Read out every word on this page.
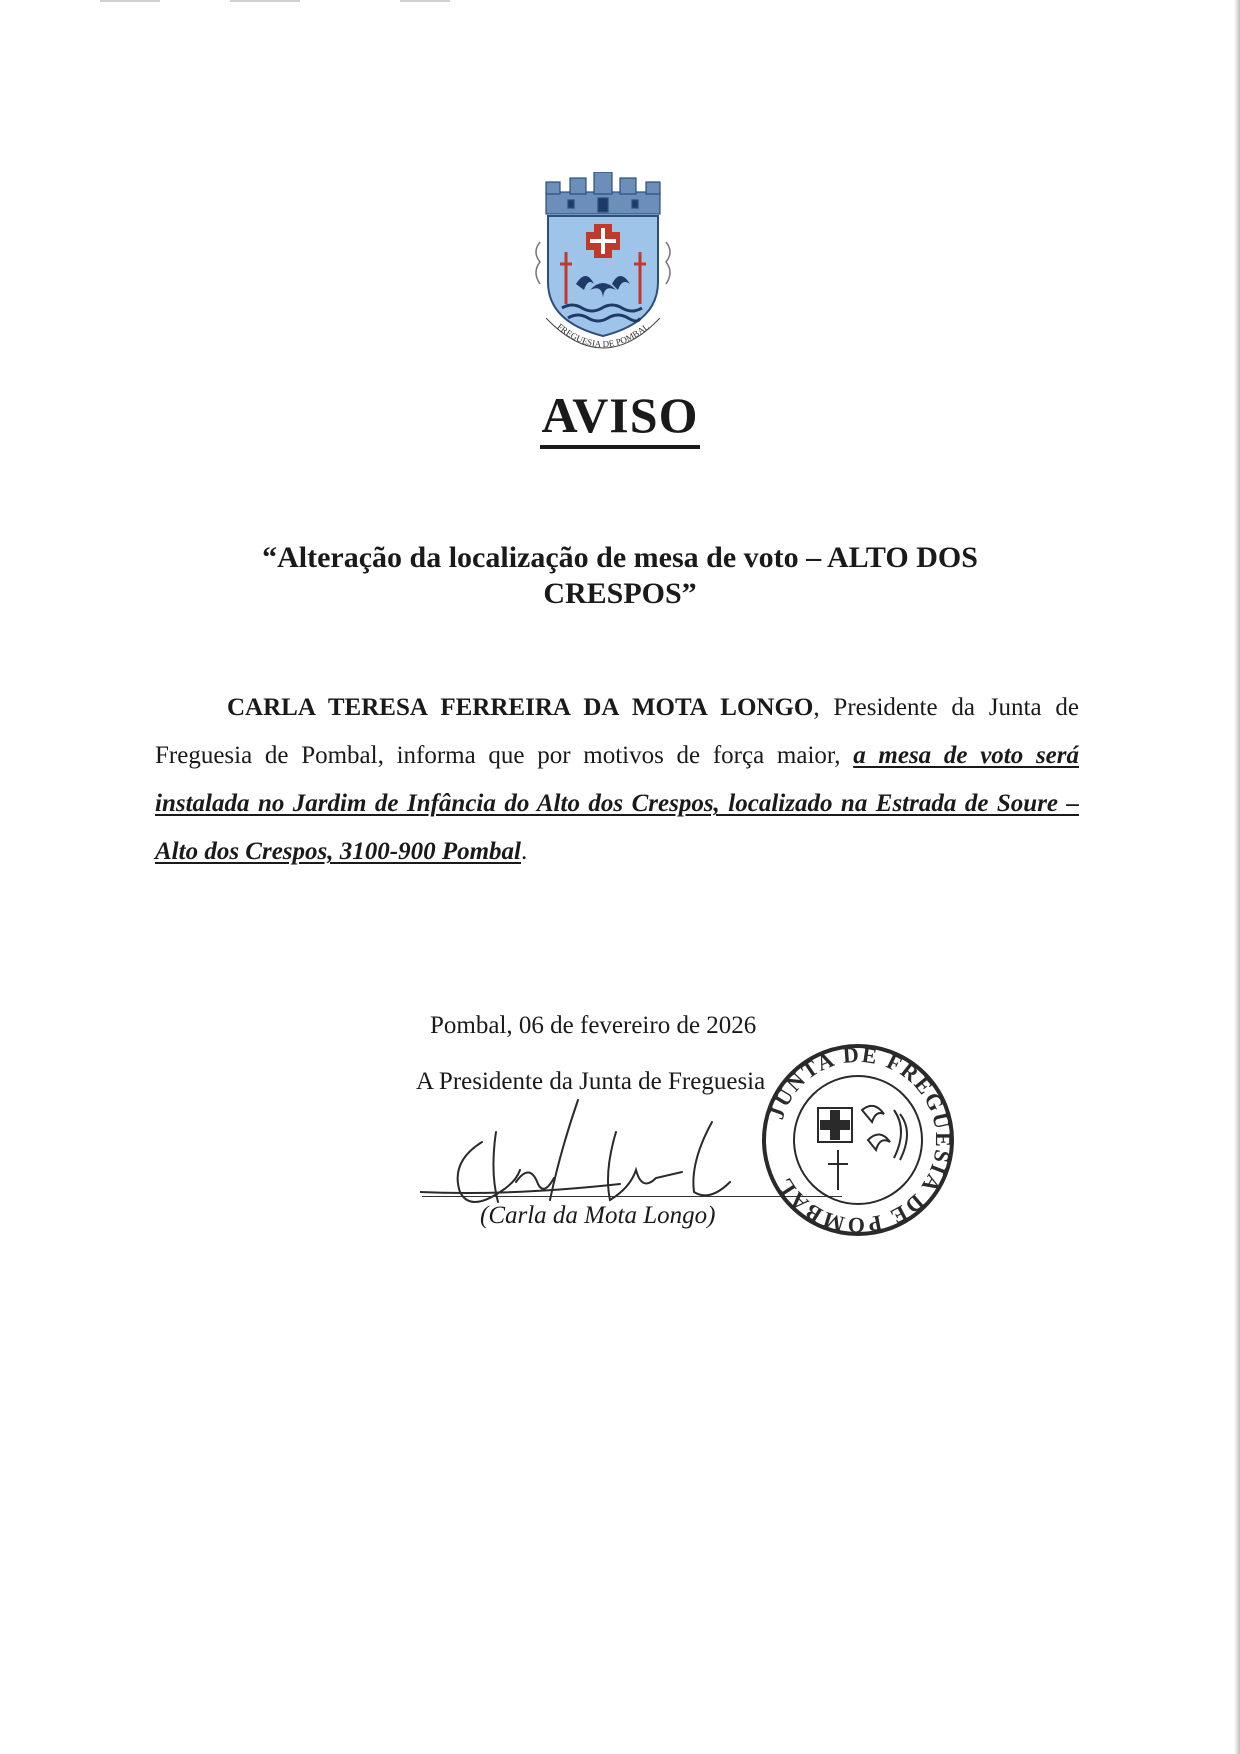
FREGUESIA DE POMBAL
AVISO
“Alteração da localização de mesa de voto – ALTO DOS CRESPOS”
CARLA TERESA FERREIRA DA MOTA LONGO, Presidente da Junta de Freguesia de Pombal, informa que por motivos de força maior, a mesa de voto será instalada no Jardim de Infância do Alto dos Crespos, localizado na Estrada de Soure – Alto dos Crespos, 3100-900 Pombal.
Pombal, 06 de fevereiro de 2026
A Presidente da Junta de Freguesia
(Carla da Mota Longo)
JUNTA DE FREGUESIA DE POMBAL
